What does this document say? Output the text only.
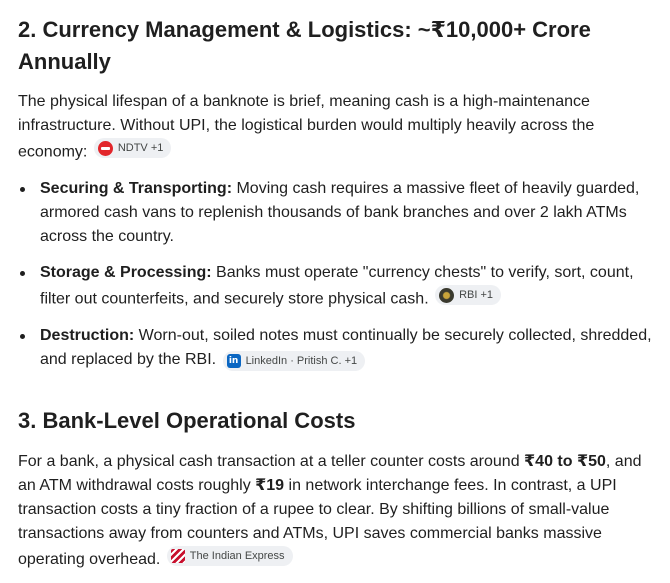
2. Currency Management & Logistics: ~₹10,000+ Crore
Annually

The physical lifespan of a banknote is brief, meaning cash is a high-maintenance infrastructure. Without UPI, the logistical burden would multiply heavily across the economy:	NDTV +1

Securing & Transporting: Moving cash requires a massive fleet of heavily guarded, armored cash vans to replenish thousands of bank branches and over 2 lakh ATMs across the country.
Storage & Processing: Banks must operate "currency chests" to verify, sort, count, filter out counterfeits, and securely store physical cash.	RBI +1
Destruction: Worn-out, soiled notes must continually be securely collected, shredded, and replaced by the RBI. in LinkedIn · Pritish C. +1
3. Bank-Level Operational Costs

For a bank, a physical cash transaction at a teller counter costs around ₹40 to ₹50, and an ATM withdrawal costs roughly ₹19 in network interchange fees. In contrast, a UPI transaction costs a tiny fraction of a rupee to clear. By shifting billions of small-value transactions away from counters and ATMs, UPI saves commercial banks massive operating overhead.	The Indian Express
